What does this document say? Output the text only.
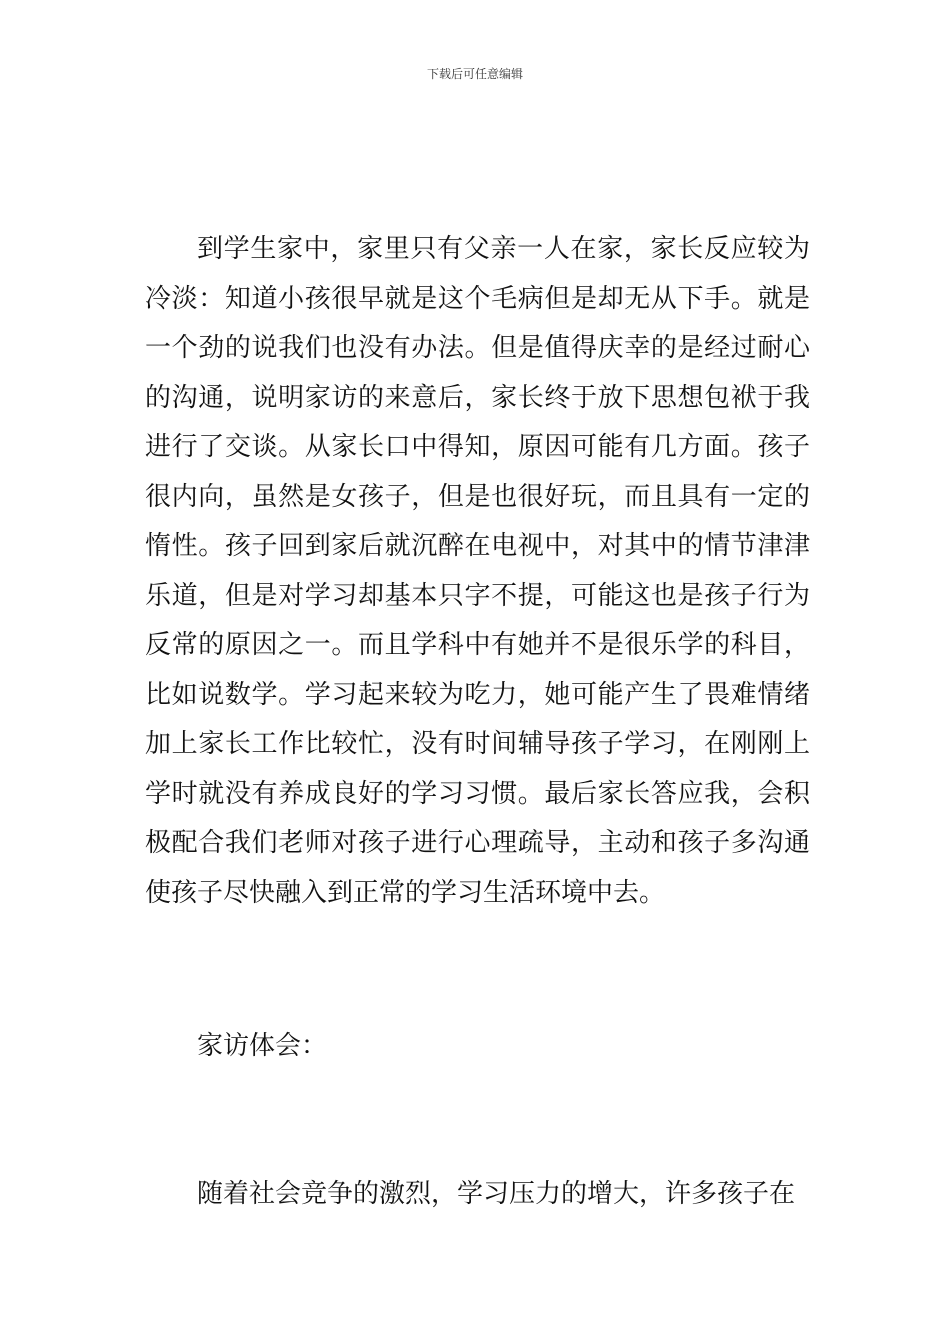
下载后可任意编辑

到学生家中，家里只有父亲一人在家，家长反应较为冷淡：知道小孩很早就是这个毛病但是却无从下手。就是一个劲的说我们也没有办法。但是值得庆幸的是经过耐心的沟通，说明家访的来意后，家长终于放下思想包袱于我进行了交谈。从家长口中得知，原因可能有几方面。孩子很内向，虽然是女孩子，但是也很好玩，而且具有一定的惰性。孩子回到家后就沉醉在电视中，对其中的情节津津乐道，但是对学习却基本只字不提，可能这也是孩子行为反常的原因之一。而且学科中有她并不是很乐学的科目，比如说数学。学习起来较为吃力，她可能产生了畏难情绪加上家长工作比较忙，没有时间辅导孩子学习，在刚刚上学时就没有养成良好的学习习惯。最后家长答应我，会积极配合我们老师对孩子进行心理疏导，主动和孩子多沟通使孩子尽快融入到正常的学习生活环境中去。

家访体会：

随着社会竞争的激烈，学习压力的增大，许多孩子在
